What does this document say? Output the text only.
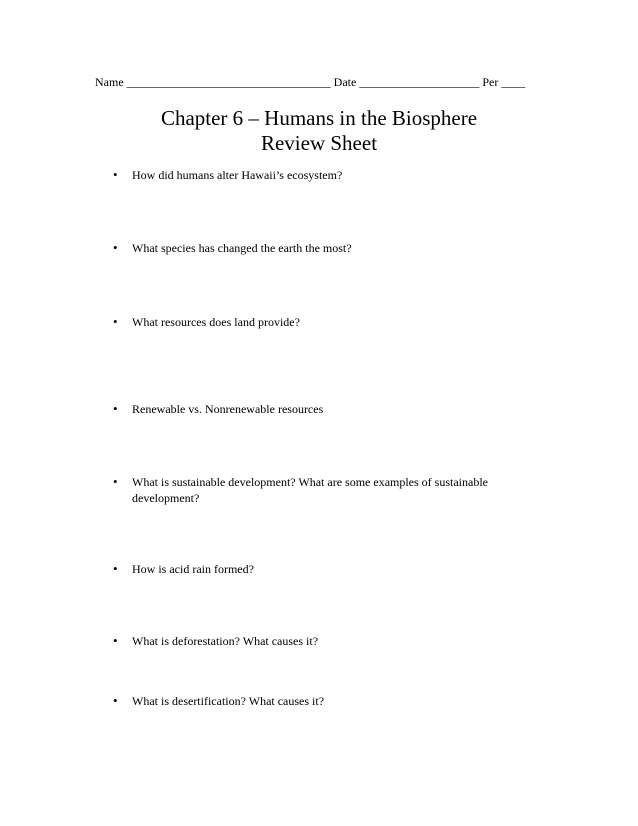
Name __________________________________ Date ____________________ Per ____
Chapter 6 – Humans in the Biosphere
Review Sheet
• How did humans alter Hawaii’s ecosystem?
• What species has changed the earth the most?
• What resources does land provide?
• Renewable vs. Nonrenewable resources
• What is sustainable development? What are some examples of sustainable development?
• How is acid rain formed?
• What is deforestation? What causes it?
• What is desertification? What causes it?
